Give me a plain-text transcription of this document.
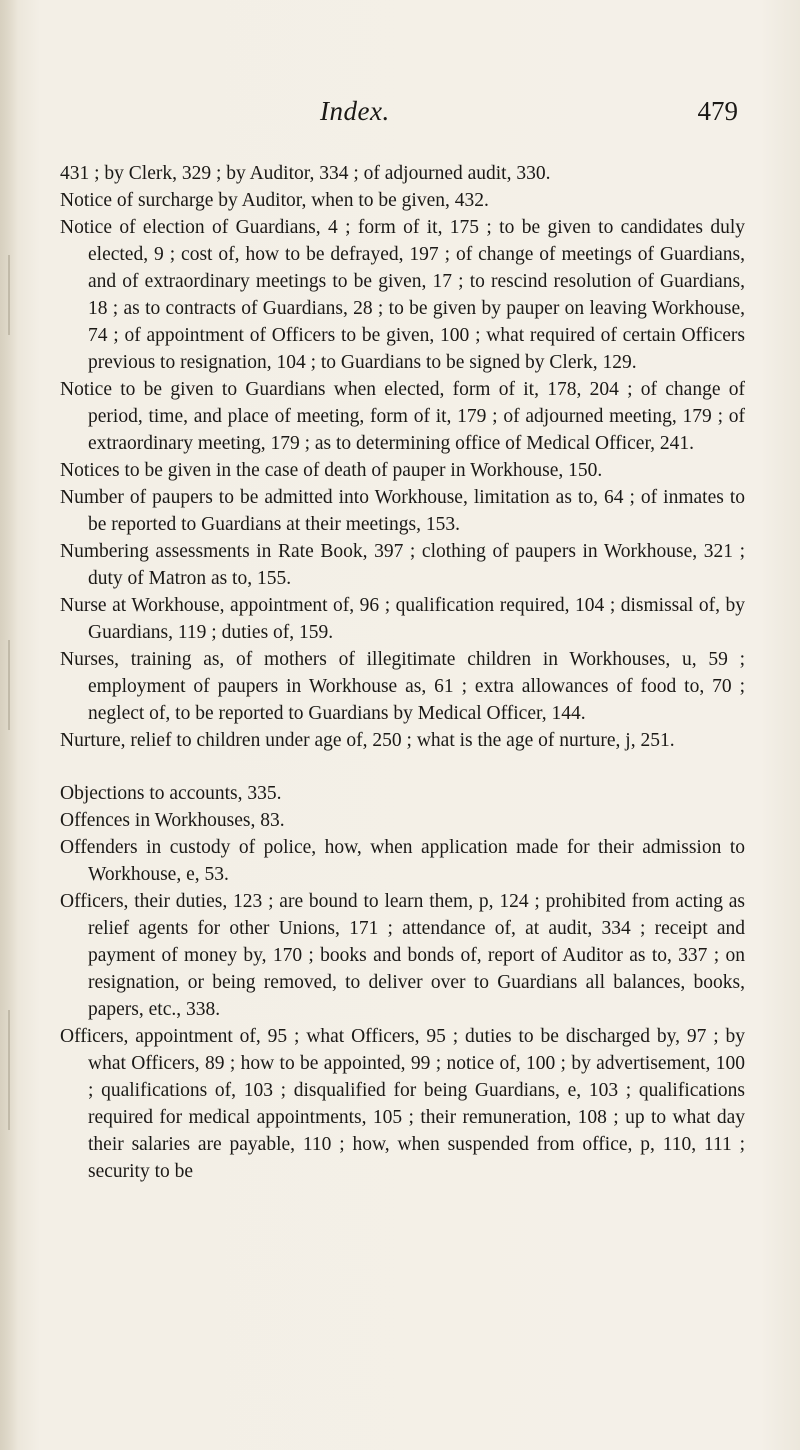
Index.	479

431 ; by Clerk, 329 ; by Auditor, 334 ; of adjourned audit, 330.

Notice of surcharge by Auditor, when to be given, 432.

Notice of election of Guardians, 4 ; form of it, 175 ; to be given to candidates duly elected, 9 ; cost of, how to be defrayed, 197 ; of change of meetings of Guardians, and of extraordinary meetings to be given, 17 ; to rescind resolution of Guardians, 18 ; as to contracts of Guardians, 28 ; to be given by pauper on leaving Workhouse, 74 ; of appointment of Officers to be given, 100 ; what required of certain Officers previous to resignation, 104 ; to Guardians to be signed by Clerk, 129.

Notice to be given to Guardians when elected, form of it, 178, 204 ; of change of period, time, and place of meeting, form of it, 179 ; of adjourned meeting, 179 ; of extraordinary meeting, 179 ; as to determining office of Medical Officer, 241.

Notices to be given in the case of death of pauper in Workhouse, 150.

Number of paupers to be admitted into Workhouse, limitation as to, 64 ; of inmates to be reported to Guardians at their meetings, 153.

Numbering assessments in Rate Book, 397 ; clothing of paupers in Workhouse, 321 ; duty of Matron as to, 155.

Nurse at Workhouse, appointment of, 96 ; qualification required, 104 ; dismissal of, by Guardians, 119 ; duties of, 159.

Nurses, training as, of mothers of illegitimate children in Workhouses, u, 59 ; employment of paupers in Workhouse as, 61 ; extra allowances of food to, 70 ; neglect of, to be reported to Guardians by Medical Officer, 144.

Nurture, relief to children under age of, 250 ; what is the age of nurture, j, 251.

Objections to accounts, 335.

Offences in Workhouses, 83.

Offenders in custody of police, how, when application made for their admission to Workhouse, e, 53.

Officers, their duties, 123 ; are bound to learn them, p, 124 ; prohibited from acting as relief agents for other Unions, 171 ; attendance of, at audit, 334 ; receipt and payment of money by, 170 ; books and bonds of, report of Auditor as to, 337 ; on resignation, or being removed, to deliver over to Guardians all balances, books, papers, etc., 338.

Officers, appointment of, 95 ; what Officers, 95 ; duties to be discharged by, 97 ; by what Officers, 89 ; how to be appointed, 99 ; notice of, 100 ; by advertisement, 100 ; qualifications of, 103 ; disqualified for being Guardians, e, 103 ; qualifications required for medical appointments, 105 ; their remuneration, 108 ; up to what day their salaries are payable, 110 ; how, when suspended from office, p, 110, 111 ; security to be
